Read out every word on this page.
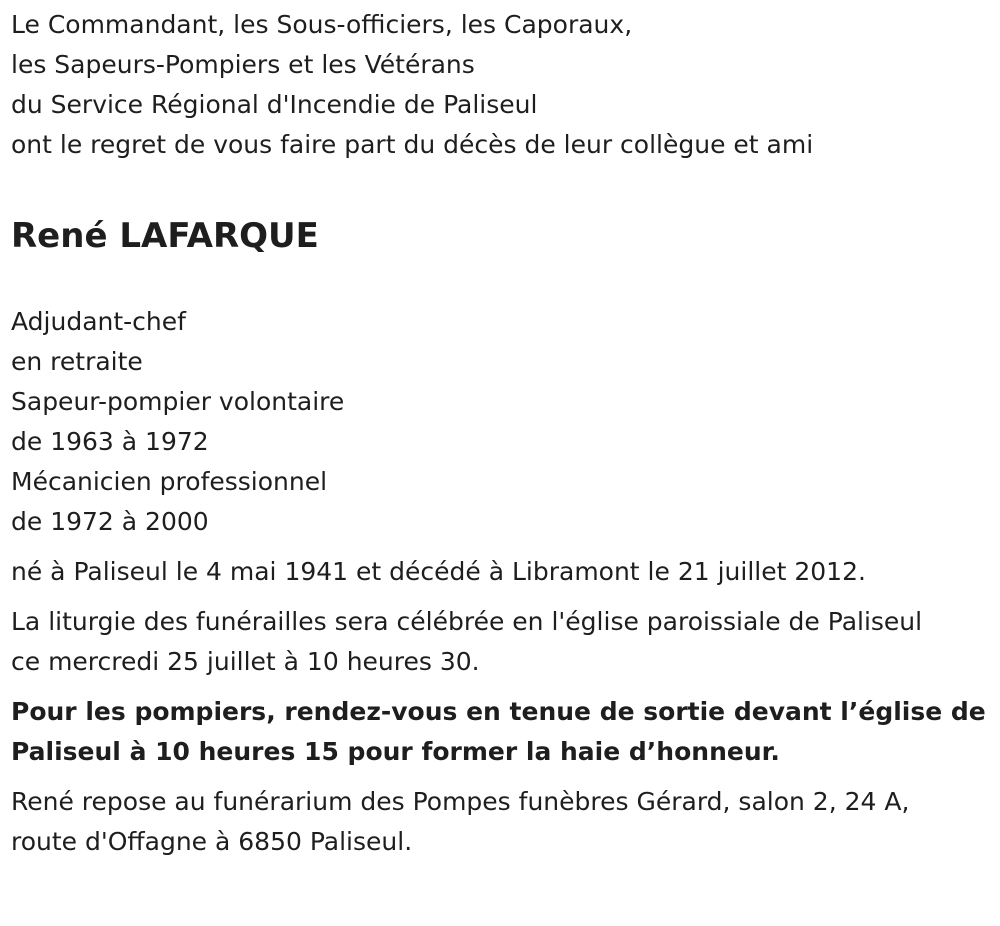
Le Commandant, les Sous-officiers, les Caporaux,
les Sapeurs-Pompiers et les Vétérans
du Service Régional d'Incendie de Paliseul
ont le regret de vous faire part du décès de leur collègue et ami
René LAFARQUE
Adjudant-chef
en retraite
Sapeur-pompier volontaire
de 1963 à 1972
Mécanicien professionnel
de 1972 à 2000
né à Paliseul le 4 mai 1941 et décédé à Libramont le 21 juillet 2012.
La liturgie des funérailles sera célébrée en l'église paroissiale de Paliseul
ce mercredi 25 juillet à 10 heures 30.
Pour les pompiers, rendez-vous en tenue de sortie devant l’église de
Paliseul à 10 heures 15 pour former la haie d’honneur.
René repose au funérarium des Pompes funèbres Gérard, salon 2, 24 A,
route d'Offagne à 6850 Paliseul.
